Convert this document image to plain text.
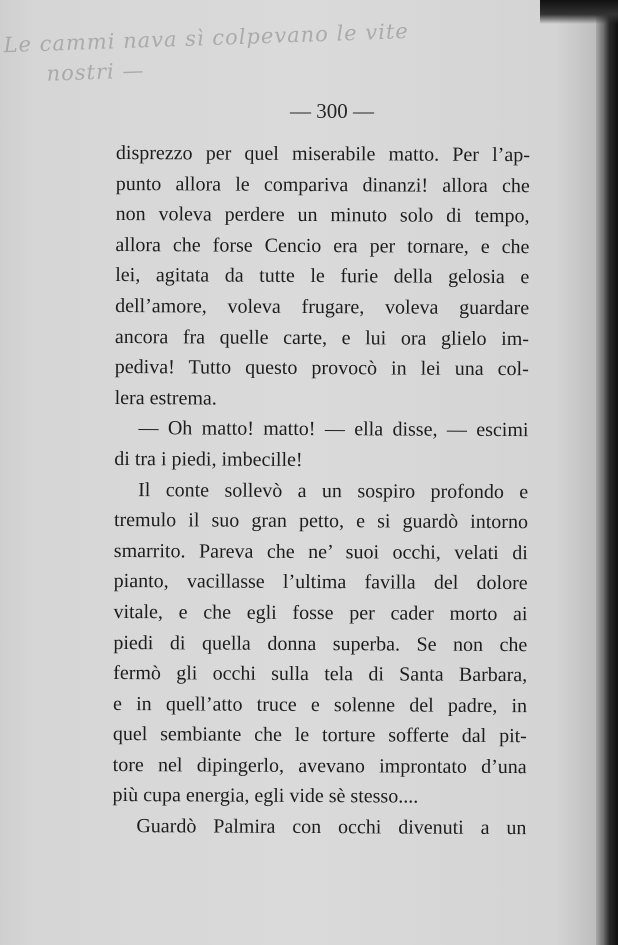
Le cammi nava sì colpevano le vite
nostri —
— 300 —
disprezzo per quel miserabile matto. Per l’ap-
punto allora le compariva dinanzi! allora che
non voleva perdere un minuto solo di tempo,
allora che forse Cencio era per tornare, e che
lei, agitata da tutte le furie della gelosia e
dell’amore, voleva frugare, voleva guardare
ancora fra quelle carte, e lui ora glielo im-
pediva! Tutto questo provocò in lei una col-
lera estrema.
— Oh matto! matto! — ella disse, — escimi
di tra i piedi, imbecille!
Il conte sollevò a un sospiro profondo e
tremulo il suo gran petto, e si guardò intorno
smarrito. Pareva che ne’ suoi occhi, velati di
pianto, vacillasse l’ultima favilla del dolore
vitale, e che egli fosse per cader morto ai
piedi di quella donna superba. Se non che
fermò gli occhi sulla tela di Santa Barbara,
e in quell’atto truce e solenne del padre, in
quel sembiante che le torture sofferte dal pit-
tore nel dipingerlo, avevano improntato d’una
più cupa energia, egli vide sè stesso....
Guardò Palmira con occhi divenuti a un
